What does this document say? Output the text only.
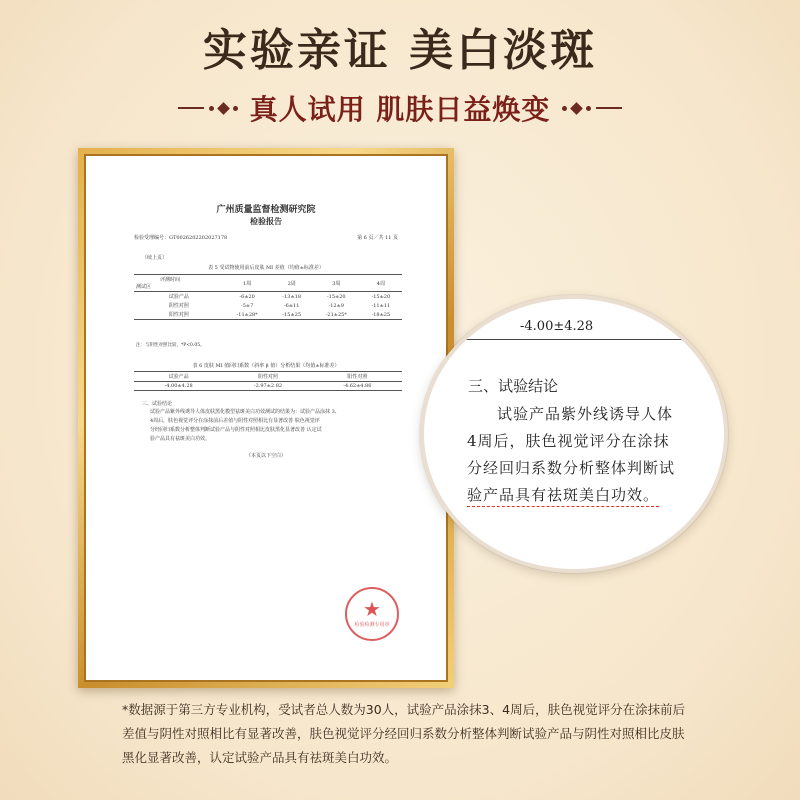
实验亲证 美白淡斑
真人试用 肌肤日益焕变
广州质量监督检测研究院
检验报告
检验受理编号：GT0026202202027178	第 6 页／共 11 页
（续上页）
表 5 受试物使用前后皮肤 MI 差值（均值±标准差）
评测时间
测试区	1周	2周	3周	4周
试验产品	-6±20	-13±18	-15±20	-15±20
阴性对照	-5±7	-6±11	-12±9	-11±11
阳性对照	-11±28*	-15±25	-21±25*	-18±25
注：与阴性对照比较，*P<0.05。
表 6 皮肤 MI 值回归系数（斜率 β 值）分析结果（均值±标准差）
试验产品	阴性对照	阳性对照
-4.00±4.28	-2.97±2.82	-4.62±4.86
三、试验结论
试验产品紫外线诱导人体皮肤黑化模型祛斑美白功效测试的结果为：试验产品涂抹 3、
4周后，肤色视觉评分在涂抹前后差值与阴性对照相比有显著改善 肤色视觉评
分经回归系数分析整体判断试验产品与阴性对照相比皮肤黑化显著改善 认定试
验产品具有祛斑美白功效。
（本页以下空白）
★
检验检测专用章
-4.00±4.28
三、试验结论
试验产品紫外线诱导人体
4周后，肤色视觉评分在涂抹
分经回归系数分析整体判断试
验产品具有祛斑美白功效。
*数据源于第三方专业机构，受试者总人数为30人，试验产品涂抹3、4周后，肤色视觉评分在涂抹前后差值与阴性对照相比有显著改善，肤色视觉评分经回归系数分析整体判断试验产品与阴性对照相比皮肤黑化显著改善，认定试验产品具有祛斑美白功效。
